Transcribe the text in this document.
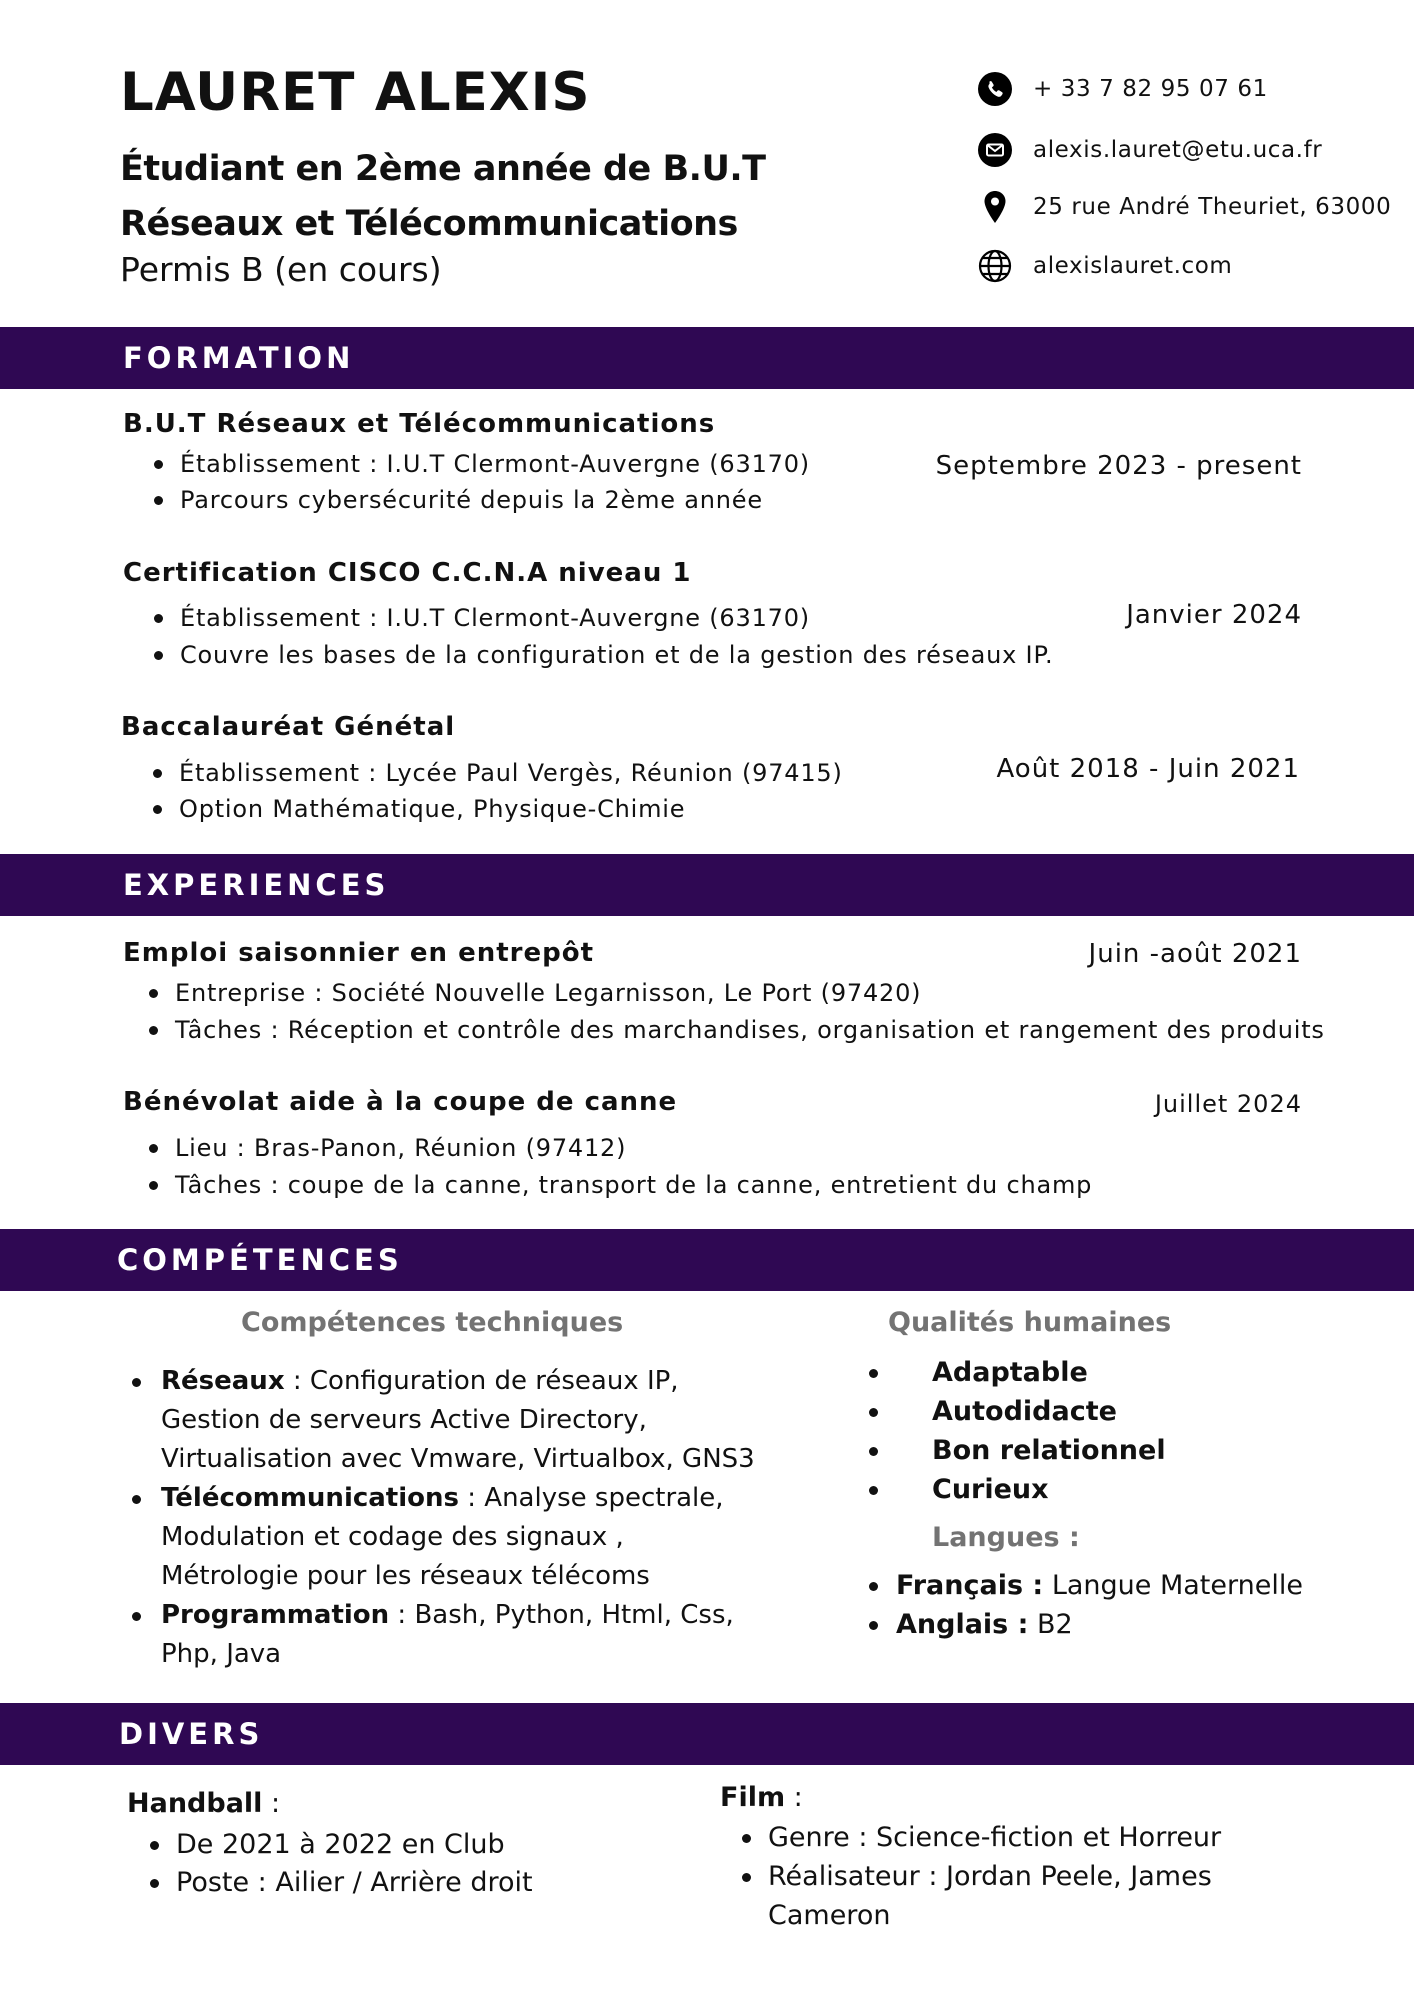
LAURET ALEXIS
Étudiant en 2ème année de B.U.T
Réseaux et Télécommunications
Permis B (en cours)
+ 33 7 82 95 07 61
alexis.lauret@etu.uca.fr
25 rue André Theuriet, 63000
alexislauret.com
FORMATION
B.U.T Réseaux et Télécommunications
Septembre 2023 - present
Établissement : I.U.T Clermont-Auvergne (63170)
Parcours cybersécurité depuis la 2ème année
Certification CISCO C.C.N.A niveau 1
Janvier 2024
Établissement : I.U.T Clermont-Auvergne (63170)
Couvre les bases de la configuration et de la gestion des réseaux IP.
Baccalauréat Génétal
Août 2018 - Juin 2021
Établissement : Lycée Paul Vergès, Réunion (97415)
Option Mathématique, Physique-Chimie
EXPERIENCES
Emploi saisonnier en entrepôt	Juin -août 2021
Entreprise : Société Nouvelle Legarnisson, Le Port (97420)
Tâches : Réception et contrôle des marchandises, organisation et rangement des produits
Bénévolat aide à la coupe de canne	Juillet 2024
Lieu : Bras-Panon, Réunion (97412)
Tâches : coupe de la canne, transport de la canne, entretient du champ
COMPÉTENCES
Compétences techniques
Réseaux : Configuration de réseaux IP,
Gestion de serveurs Active Directory,
Virtualisation avec Vmware, Virtualbox, GNS3
Télécommunications : Analyse spectrale,
Modulation et codage des signaux ,
Métrologie pour les réseaux télécoms
Programmation : Bash, Python, Html, Css,
Php, Java
Qualités humaines
Adaptable
Autodidacte
Bon relationnel
Curieux
Langues :
Français : Langue Maternelle
Anglais : B2
DIVERS
Handball :
De 2021 à 2022 en Club
Poste : Ailier / Arrière droit
Film :
Genre : Science-fiction et Horreur
Réalisateur : Jordan Peele, James
Cameron
